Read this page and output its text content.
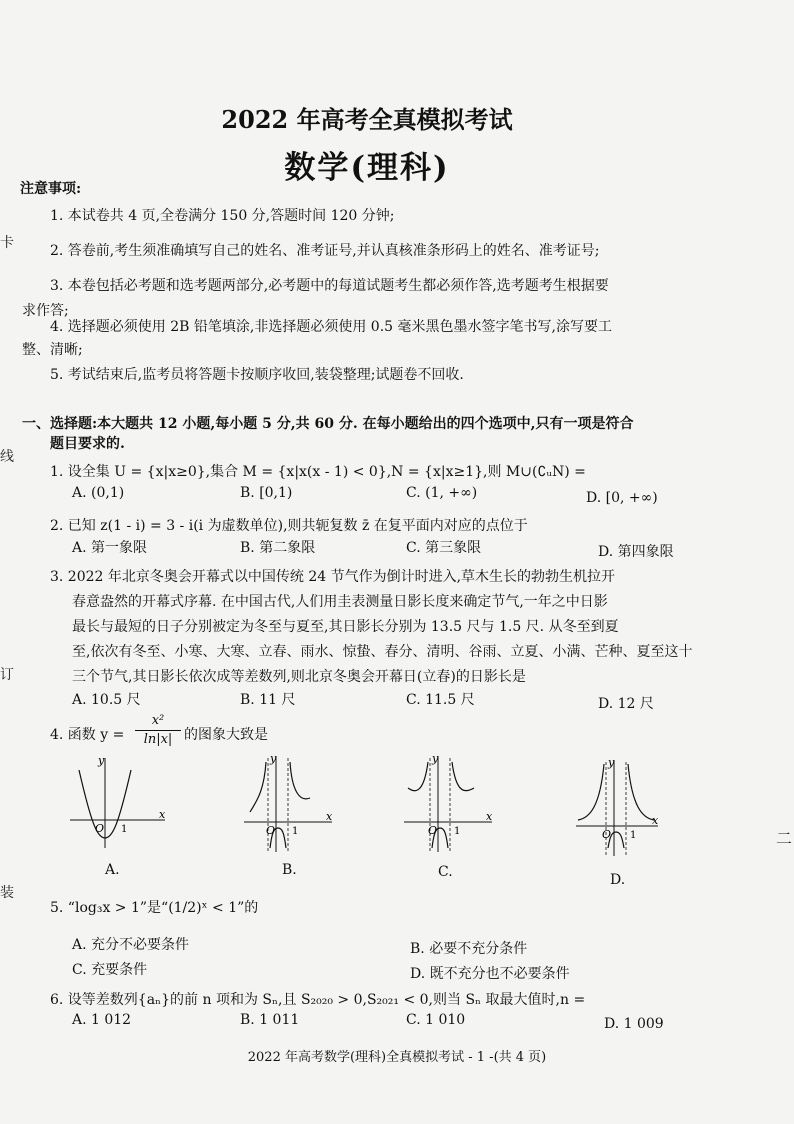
2022 年高考全真模拟考试
数学(理科)
卡
线
订
装
二
注意事项:
1. 本试卷共 4 页,全卷满分 150 分,答题时间 120 分钟;
2. 答卷前,考生须准确填写自己的姓名、准考证号,并认真核准条形码上的姓名、准考证号;
3. 本卷包括必考题和选考题两部分,必考题中的每道试题考生都必须作答,选考题考生根据要
求作答;
4. 选择题必须使用 2B 铅笔填涂,非选择题必须使用 0.5 毫米黑色墨水签字笔书写,涂写要工
整、清晰;
5. 考试结束后,监考员将答题卡按顺序收回,装袋整理;试题卷不回收.
一、选择题:本大题共 12 小题,每小题 5 分,共 60 分. 在每小题给出的四个选项中,只有一项是符合
题目要求的.
1. 设全集 U = {x|x≥0},集合 M = {x|x(x - 1) < 0},N = {x|x≥1},则 M∪(∁ᵤN) =
A. (0,1)	B. [0,1)	C. (1, +∞)	D. [0, +∞)
2. 已知 z(1 - i) = 3 - i(i 为虚数单位),则共轭复数 z̄ 在复平面内对应的点位于
A. 第一象限	B. 第二象限	C. 第三象限	D. 第四象限
3. 2022 年北京冬奥会开幕式以中国传统 24 节气作为倒计时进入,草木生长的勃勃生机拉开
春意盎然的开幕式序幕. 在中国古代,人们用圭表测量日影长度来确定节气,一年之中日影
最长与最短的日子分别被定为冬至与夏至,其日影长分别为 13.5 尺与 1.5 尺. 从冬至到夏
至,依次有冬至、小寒、大寒、立春、雨水、惊蛰、春分、清明、谷雨、立夏、小满、芒种、夏至这十
三个节气,其日影长依次成等差数列,则北京冬奥会开幕日(立春)的日影长是
A. 10.5 尺	B. 11 尺	C. 11.5 尺	D. 12 尺
4. 函数 y =
x²
ln|x| 的图象大致是
y
x
O 1
A.
y
x
O 1
B.
y
x
O 1
C.
y
x
O 1
D.
5. “log₃x > 1”是“(1/2)ˣ < 1”的
A. 充分不必要条件	B. 必要不充分条件
C. 充要条件	D. 既不充分也不必要条件
6. 设等差数列{aₙ}的前 n 项和为 Sₙ,且 S₂₀₂₀ > 0,S₂₀₂₁ < 0,则当 Sₙ 取最大值时,n =
A. 1 012	B. 1 011	C. 1 010	D. 1 009
2022 年高考数学(理科)全真模拟考试 - 1 -(共 4 页)
